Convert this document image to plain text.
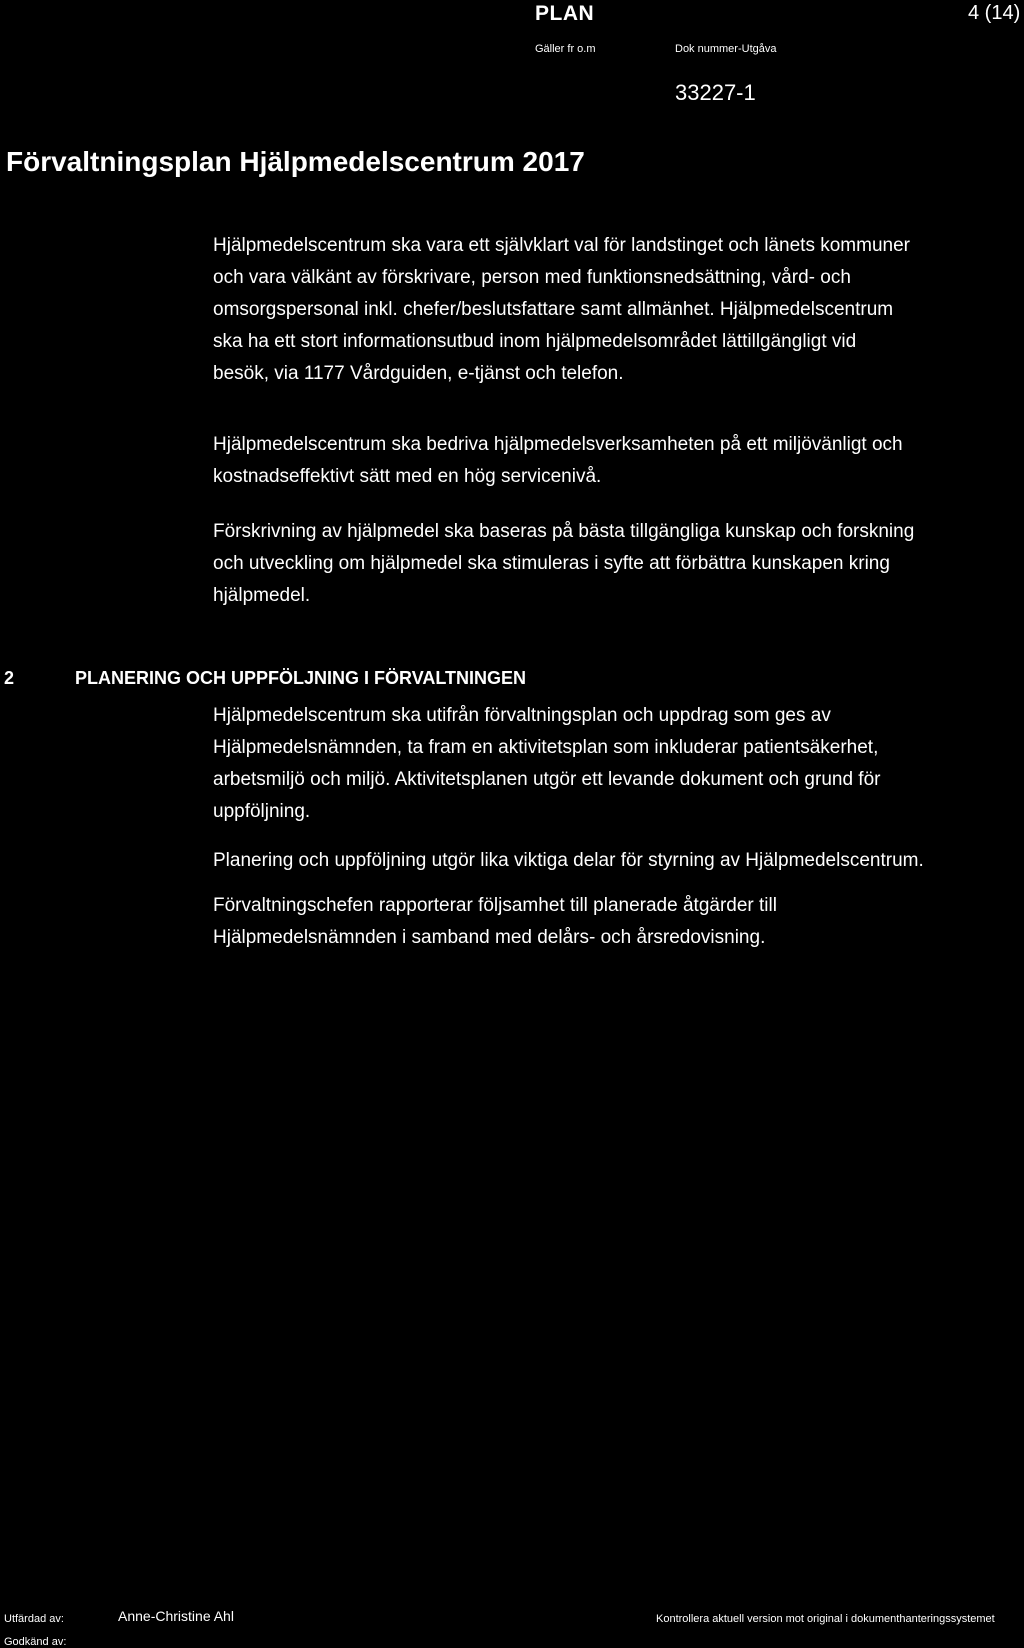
PLAN	4 (14)
Gäller fr o.m	Dok nummer-Utgåva
33227-1
Förvaltningsplan Hjälpmedelscentrum 2017
Hjälpmedelscentrum ska vara ett självklart val för landstinget och länets kommuner
och vara välkänt av förskrivare, person med funktionsnedsättning, vård- och
omsorgspersonal inkl. chefer/beslutsfattare samt allmänhet. Hjälpmedelscentrum
ska ha ett stort informationsutbud inom hjälpmedelsområdet lättillgängligt vid
besök, via 1177 Vårdguiden, e-tjänst och telefon.
Hjälpmedelscentrum ska bedriva hjälpmedelsverksamheten på ett miljövänligt och
kostnadseffektivt sätt med en hög servicenivå.
Förskrivning av hjälpmedel ska baseras på bästa tillgängliga kunskap och forskning
och utveckling om hjälpmedel ska stimuleras i syfte att förbättra kunskapen kring
hjälpmedel.
2	PLANERING OCH UPPFÖLJNING I FÖRVALTNINGEN
Hjälpmedelscentrum ska utifrån förvaltningsplan och uppdrag som ges av
Hjälpmedelsnämnden, ta fram en aktivitetsplan som inkluderar patientsäkerhet,
arbetsmiljö och miljö. Aktivitetsplanen utgör ett levande dokument och grund för
uppföljning.
Planering och uppföljning utgör lika viktiga delar för styrning av Hjälpmedelscentrum.
Förvaltningschefen rapporterar följsamhet till planerade åtgärder till
Hjälpmedelsnämnden i samband med delårs- och årsredovisning.
Utfärdad av:	Anne-Christine Ahl
Godkänd av:
Kontrollera aktuell version mot original i dokumenthanteringssystemet
